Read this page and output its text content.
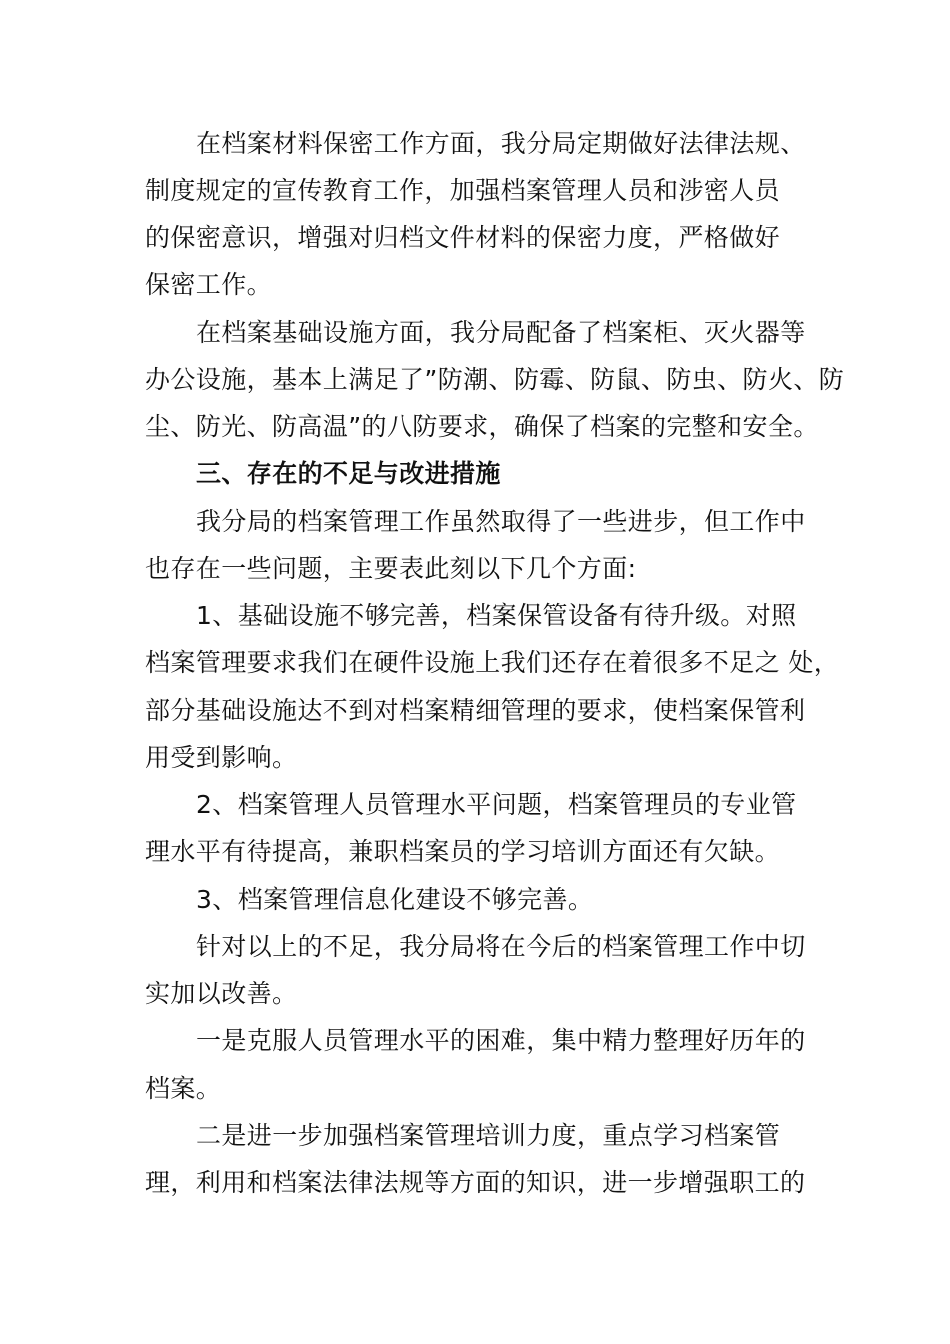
在档案材料保密工作方面，我分局定期做好法律法规、
制度规定的宣传教育工作，加强档案管理人员和涉密人员
的保密意识，增强对归档文件材料的保密力度，严格做好
保密工作。
在档案基础设施方面，我分局配备了档案柜、灭火器等
办公设施，基本上满足了”防潮、防霉、防鼠、防虫、防火、防
尘、防光、防高温”的八防要求，确保了档案的完整和安全。
三、存在的不足与改进措施
我分局的档案管理工作虽然取得了一些进步，但工作中
也存在一些问题，主要表此刻以下几个方面:
1、基础设施不够完善，档案保管设备有待升级。对照
档案管理要求我们在硬件设施上我们还存在着很多不足之 处，
部分基础设施达不到对档案精细管理的要求，使档案保管利
用受到影响。
2、档案管理人员管理水平问题，档案管理员的专业管
理水平有待提高，兼职档案员的学习培训方面还有欠缺。
3、档案管理信息化建设不够完善。
针对以上的不足，我分局将在今后的档案管理工作中切
实加以改善。
一是克服人员管理水平的困难，集中精力整理好历年的
档案。
二是进一步加强档案管理培训力度，重点学习档案管
理，利用和档案法律法规等方面的知识，进一步增强职工的
